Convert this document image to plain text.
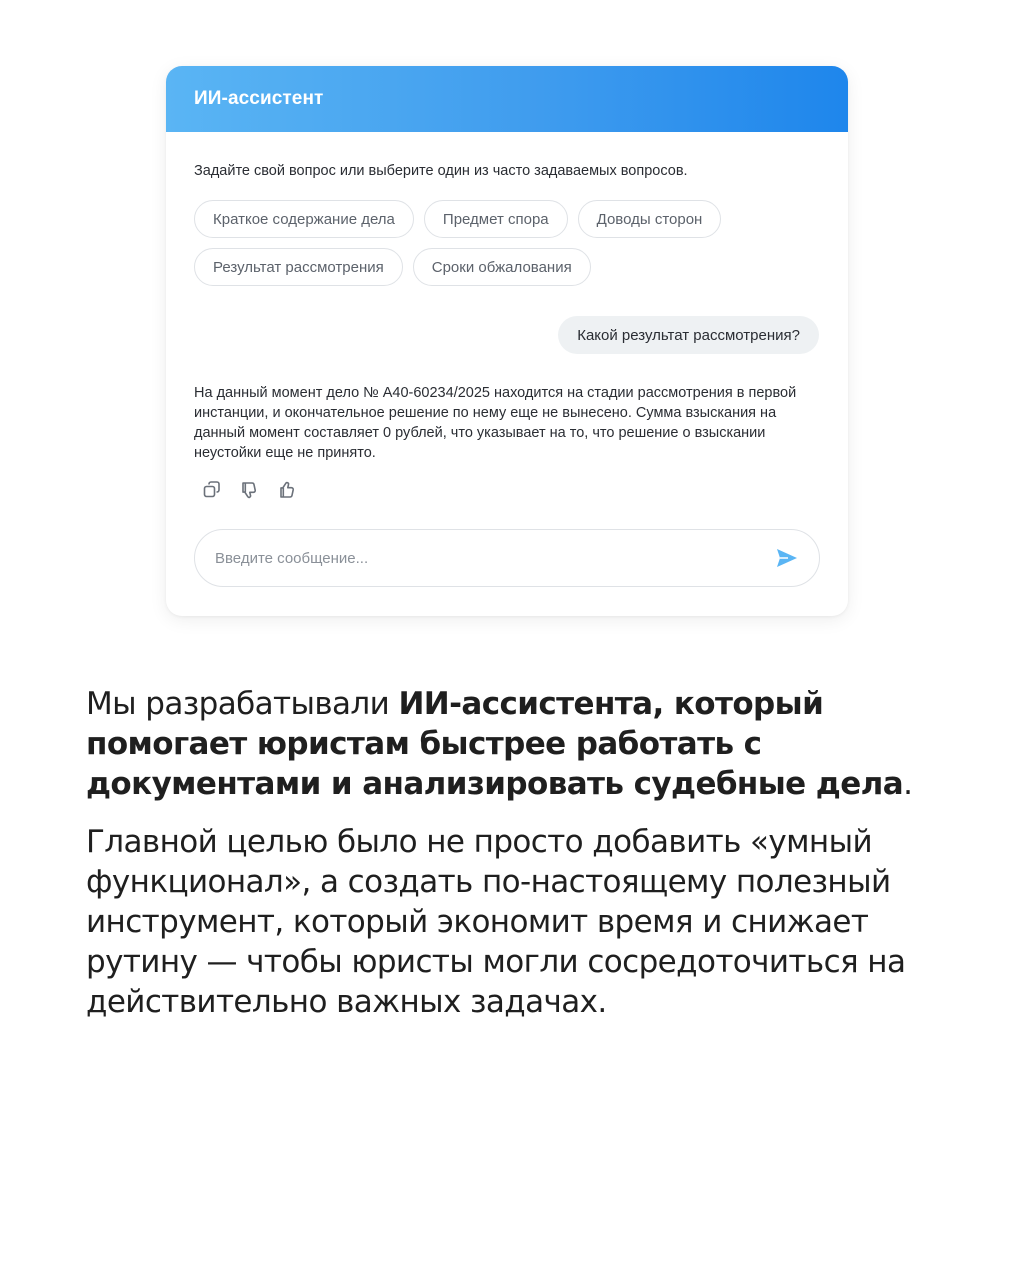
ИИ-ассистент
Задайте свой вопрос или выберите один из часто задаваемых вопросов.
Краткое содержание дела	Предмет спора	Доводы сторон
Результат рассмотрения	Сроки обжалования
Какой результат рассмотрения?
На данный момент дело № А40-60234/2025 находится на стадии рассмотрения в первой инстанции, и окончательное решение по нему еще не вынесено. Сумма взыскания на данный момент составляет 0 рублей, что указывает на то, что решение о взыскании неустойки еще не принято.
Введите сообщение...

Мы разрабатывали ИИ-ассистента, который помогает юристам быстрее работать с документами и анализировать судебные дела.

Главной целью было не просто добавить «умный функционал», а создать по-настоящему полезный инструмент, который экономит время и снижает рутину — чтобы юристы могли сосредоточиться на действительно важных задачах.
